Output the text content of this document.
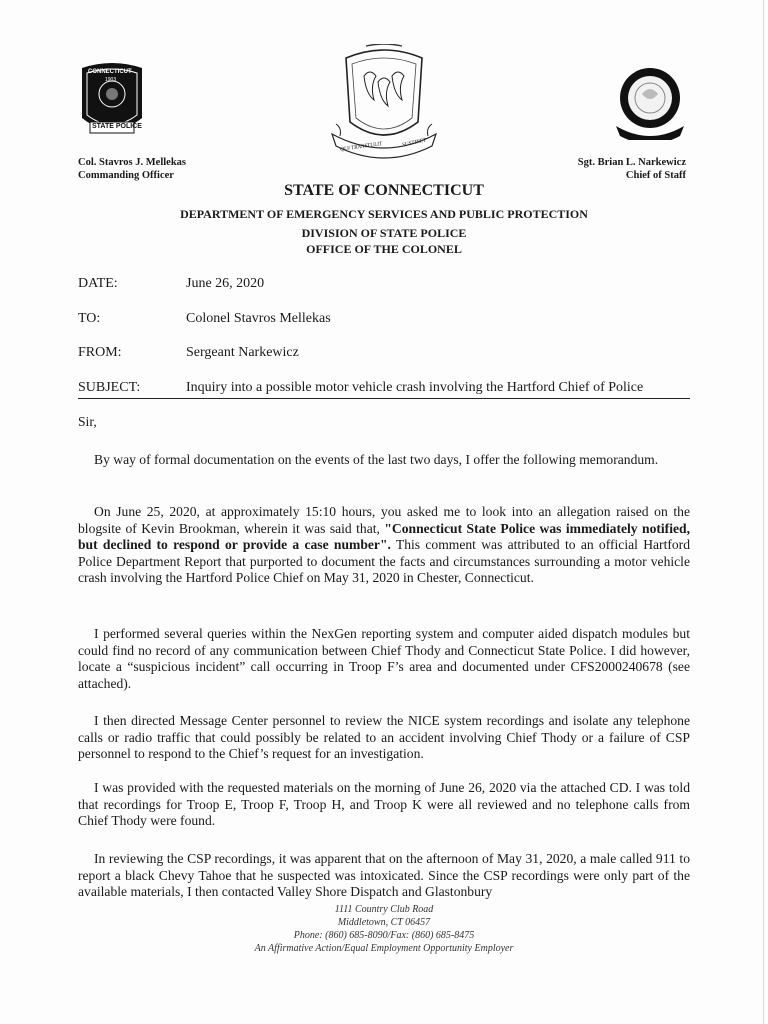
CONNECTICUT
1903
STATE POLICE
QUI TRANSTULIT	SUSTINET
Col. Stavros J. Mellekas
Commanding Officer
Sgt. Brian L. Narkewicz
Chief of Staff
STATE OF CONNECTICUT
DEPARTMENT OF EMERGENCY SERVICES AND PUBLIC PROTECTION
DIVISION OF STATE POLICE
OFFICE OF THE COLONEL
DATE:	June 26, 2020
TO:	Colonel Stavros Mellekas
FROM:	Sergeant Narkewicz
SUBJECT:	Inquiry into a possible motor vehicle crash involving the Hartford Chief of Police
Sir,

By way of formal documentation on the events of the last two days, I offer the following memorandum.

On June 25, 2020, at approximately 15:10 hours, you asked me to look into an allegation raised on the blogsite of Kevin Brookman, wherein it was said that, "Connecticut State Police was immediately notified, but declined to respond or provide a case number". This comment was attributed to an official Hartford Police Department Report that purported to document the facts and circumstances surrounding a motor vehicle crash involving the Hartford Police Chief on May 31, 2020 in Chester, Connecticut.

I performed several queries within the NexGen reporting system and computer aided dispatch modules but could find no record of any communication between Chief Thody and Connecticut State Police. I did however, locate a “suspicious incident” call occurring in Troop F’s area and documented under CFS2000240678 (see attached).

I then directed Message Center personnel to review the NICE system recordings and isolate any telephone calls or radio traffic that could possibly be related to an accident involving Chief Thody or a failure of CSP personnel to respond to the Chief’s request for an investigation.

I was provided with the requested materials on the morning of June 26, 2020 via the attached CD. I was told that recordings for Troop E, Troop F, Troop H, and Troop K were all reviewed and no telephone calls from Chief Thody were found.

In reviewing the CSP recordings, it was apparent that on the afternoon of May 31, 2020, a male called 911 to report a black Chevy Tahoe that he suspected was intoxicated. Since the CSP recordings were only part of the available materials, I then contacted Valley Shore Dispatch and Glastonbury

1111 Country Club Road
Middletown, CT 06457
Phone: (860) 685-8090/Fax: (860) 685-8475
An Affirmative Action/Equal Employment Opportunity Employer
